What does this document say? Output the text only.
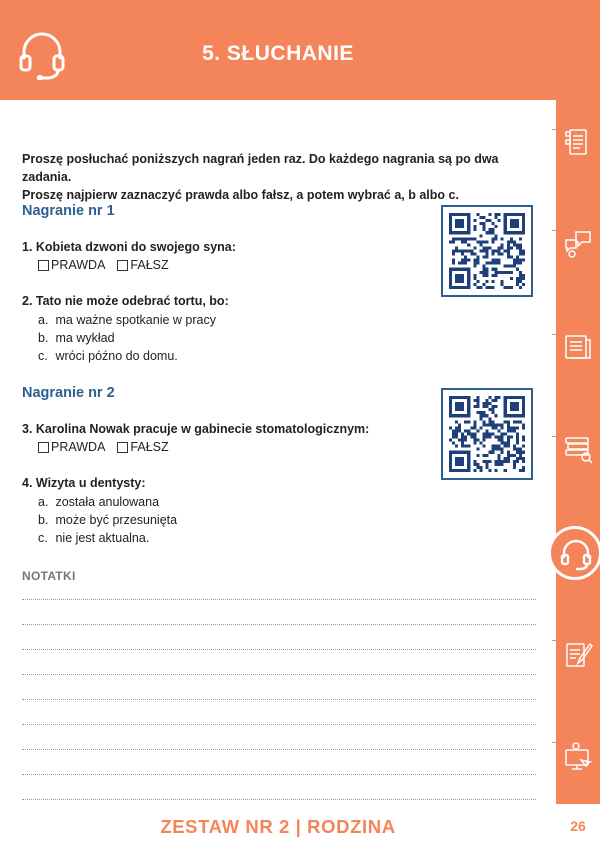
5. SŁUCHANIE
Proszę posłuchać poniższych nagrań jeden raz. Do każdego nagrania są po dwa zadania.
Proszę najpierw zaznaczyć prawda albo fałsz, a potem wybrać a, b albo c.
Nagranie nr 1
1. Kobieta dzwoni do swojego syna:
PRAWDA FAŁSZ
2. Tato nie może odebrać tortu, bo:
a. ma ważne spotkanie w pracy
b. ma wykład
c. wróci późno do domu.
Nagranie nr 2
3. Karolina Nowak pracuje w gabinecie stomatologicznym:
PRAWDA FAŁSZ
4. Wizyta u dentysty:
a. została anulowana
b. może być przesunięta
c. nie jest aktualna.
NOTATKI
ZESTAW NR 2 | RODZINA	26
